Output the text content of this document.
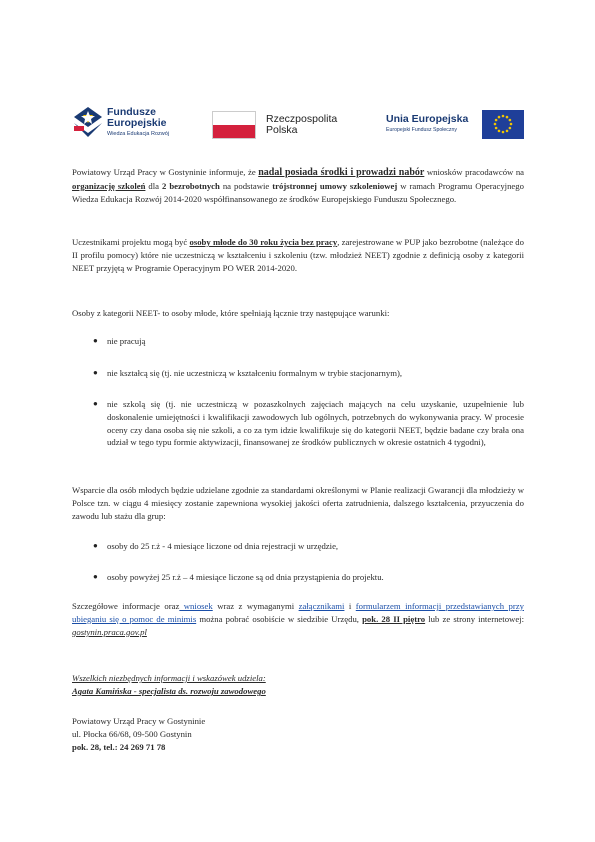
Fundusze
Europejskie
Wiedza Edukacja Rozwój
Rzeczpospolita
Polska
Unia Europejska
Europejski Fundusz Społeczny
Powiatowy Urząd Pracy w Gostyninie informuje, że nadal posiada środki i prowadzi nabór wniosków pracodawców na organizację szkoleń dla 2 bezrobotnych na podstawie trójstronnej umowy szkoleniowej w ramach Programu Operacyjnego Wiedza Edukacja Rozwój 2014-2020 współfinansowanego ze środków Europejskiego Funduszu Społecznego.
Uczestnikami projektu mogą być osoby młode do 30 roku życia bez pracy, zarejestrowane w PUP jako bezrobotne (należące do II profilu pomocy) które nie uczestniczą w kształceniu i szkoleniu (tzw. młodzież NEET) zgodnie z definicją osoby z kategorii NEET przyjętą w Programie Operacyjnym PO WER 2014-2020.
Osoby z kategorii NEET- to osoby młode, które spełniają łącznie trzy następujące warunki:
● nie pracują
● nie kształcą się (tj. nie uczestniczą w kształceniu formalnym w trybie stacjonarnym),
● nie szkolą się (tj. nie uczestniczą w pozaszkolnych zajęciach mających na celu uzyskanie, uzupełnienie lub doskonalenie umiejętności i kwalifikacji zawodowych lub ogólnych, potrzebnych do wykonywania pracy. W procesie oceny czy dana osoba się nie szkoli, a co za tym idzie kwalifikuje się do kategorii NEET, będzie badane czy brała ona udział w tego typu formie aktywizacji, finansowanej ze środków publicznych w okresie ostatnich 4 tygodni),
Wsparcie dla osób młodych będzie udzielane zgodnie za standardami określonymi w Planie realizacji Gwarancji dla młodzieży w Polsce tzn. w ciągu 4 miesięcy zostanie zapewniona wysokiej jakości oferta zatrudnienia, dalszego kształcenia, przyuczenia do zawodu lub stażu dla grup:
● osoby do 25 r.ż - 4 miesiące liczone od dnia rejestracji w urzędzie,
● osoby powyżej 25 r.ż – 4 miesiące liczone są od dnia przystąpienia do projektu.
Szczegółowe informacje oraz wniosek wraz z wymaganymi załącznikami i formularzem informacji przedstawianych przy ubieganiu się o pomoc de minimis można pobrać osobiście w siedzibie Urzędu, pok. 28 II piętro lub ze strony internetowej: gostynin.praca.gov.pl
Wszelkich niezbędnych informacji i wskazówek udziela:
Agata Kamińska - specjalista ds. rozwoju zawodowego
Powiatowy Urząd Pracy w Gostyninie
ul. Płocka 66/68, 09-500 Gostynin
pok. 28, tel.: 24 269 71 78
